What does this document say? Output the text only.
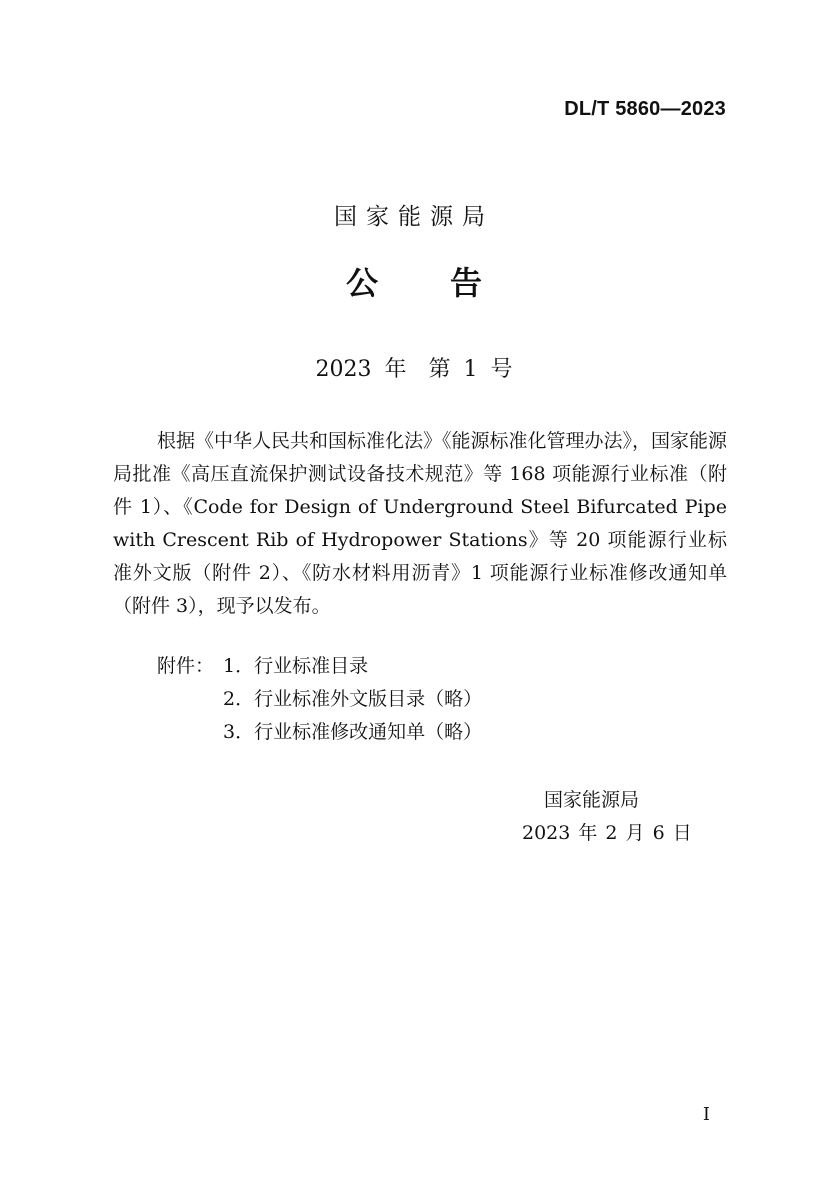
DL/T 5860—2023
国家能源局
公告
2023 年　第 1 号

根据《中华人民共和国标准化法》《能源标准化管理办法》，国家能源局批准《高压直流保护测试设备技术规范》等 168 项能源行业标准（附件 1）、《Code for Design of Underground Steel Bifurcated Pipe with Crescent Rib of Hydropower Stations》等 20 项能源行业标准外文版（附件 2）、《防水材料用沥青》1 项能源行业标准修改通知单（附件 3），现予以发布。

附件： 1．行业标准目录
2．行业标准外文版目录（略）
3．行业标准修改通知单（略）
国家能源局
2023 年 2 月 6 日
I
